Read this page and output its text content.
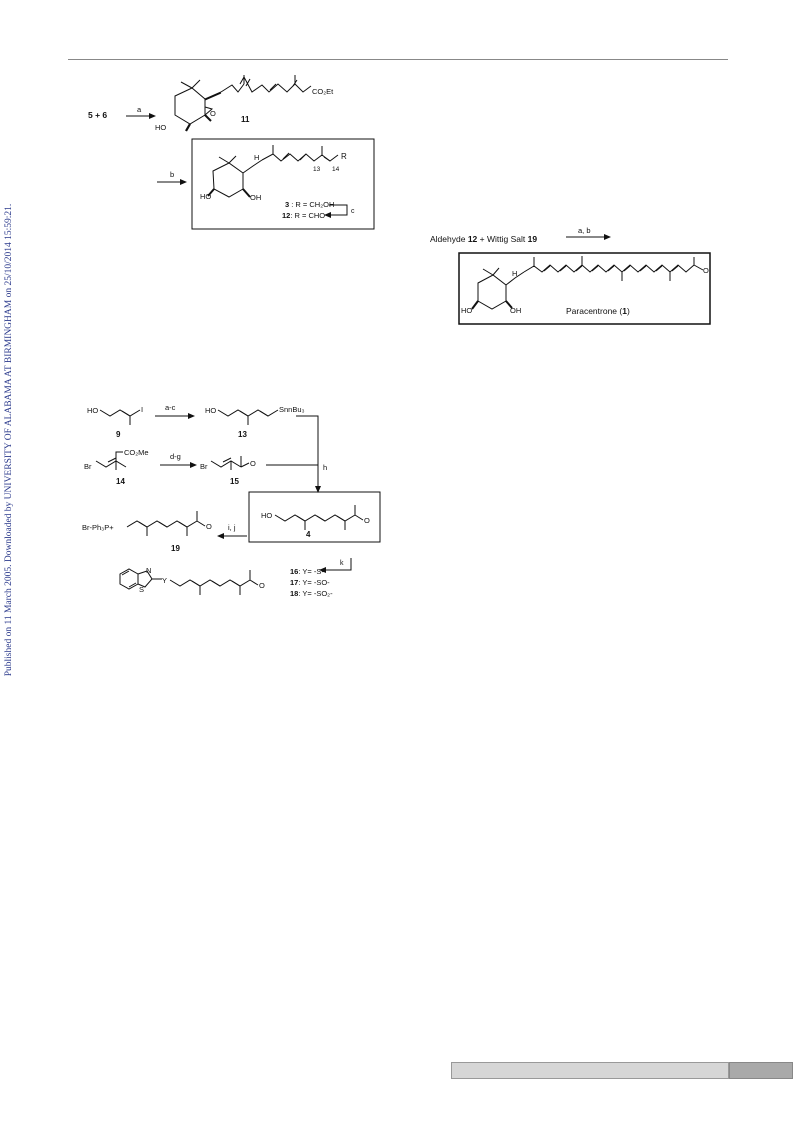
Published on 11 March 2005. Downloaded by UNIVERSITY OF ALABAMA AT BIRMINGHAM on 25/10/2014 15:59:21.
5 + 6
a	O
HO
CO₂Et
11
b
H	R
13 14
HO	OH
3 : R = CH₂OH
12: R = CHO	c
Aldehyde 12 + Wittig Salt 19
a, b
H	O
HO	OH	Paracentrone (1)
HO	I
9
a-c	HO	SnnBu₃
13
h
Br
CO₂Me
14
d-g
Br	O
15
HO
O
4
i, j
Br-Ph₃P+	O
19
k
N
S
Y
O
16: Y= -S-
17: Y= -SO-
18: Y= -SO₂-
